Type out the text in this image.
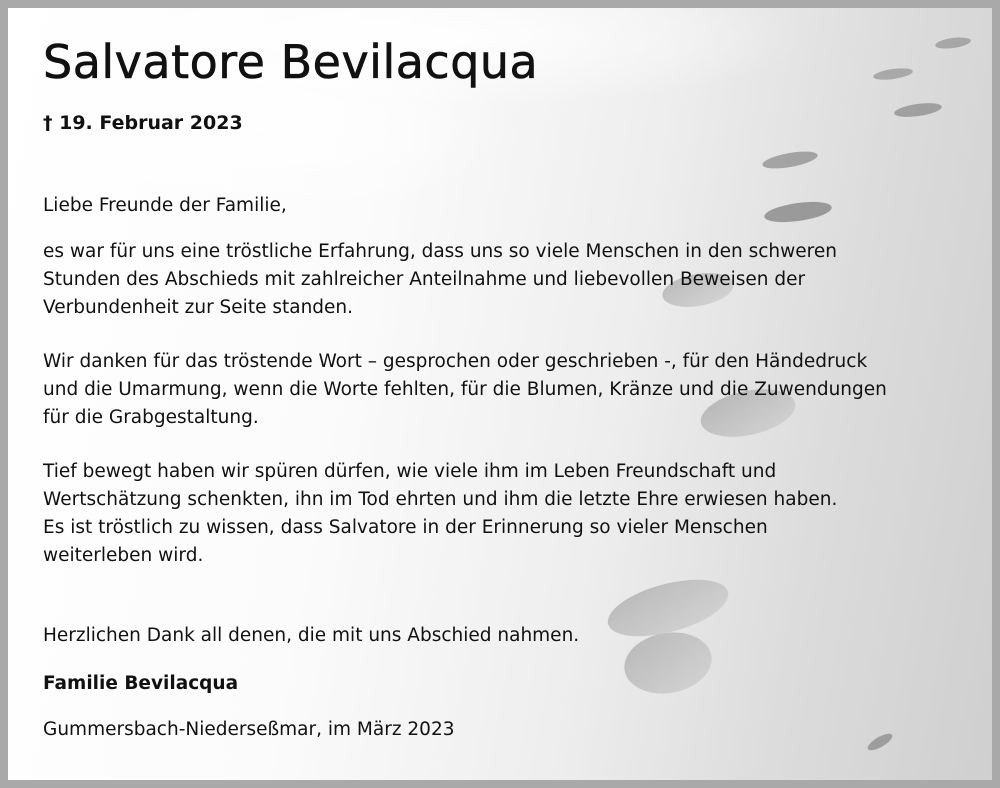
Salvatore Bevilacqua
† 19. Februar 2023

Liebe Freunde der Familie,

es war für uns eine tröstliche Erfahrung, dass uns so viele Menschen in den schweren
Stunden des Abschieds mit zahlreicher Anteilnahme und liebevollen Beweisen der
Verbundenheit zur Seite standen.

Wir danken für das tröstende Wort – gesprochen oder geschrieben -, für den Händedruck
und die Umarmung, wenn die Worte fehlten, für die Blumen, Kränze und die Zuwendungen
für die Grabgestaltung.

Tief bewegt haben wir spüren dürfen, wie viele ihm im Leben Freundschaft und
Wertschätzung schenkten, ihn im Tod ehrten und ihm die letzte Ehre erwiesen haben.
Es ist tröstlich zu wissen, dass Salvatore in der Erinnerung so vieler Menschen
weiterleben wird.

Herzlichen Dank all denen, die mit uns Abschied nahmen.

Familie Bevilacqua

Gummersbach-Niederseßmar, im März 2023
